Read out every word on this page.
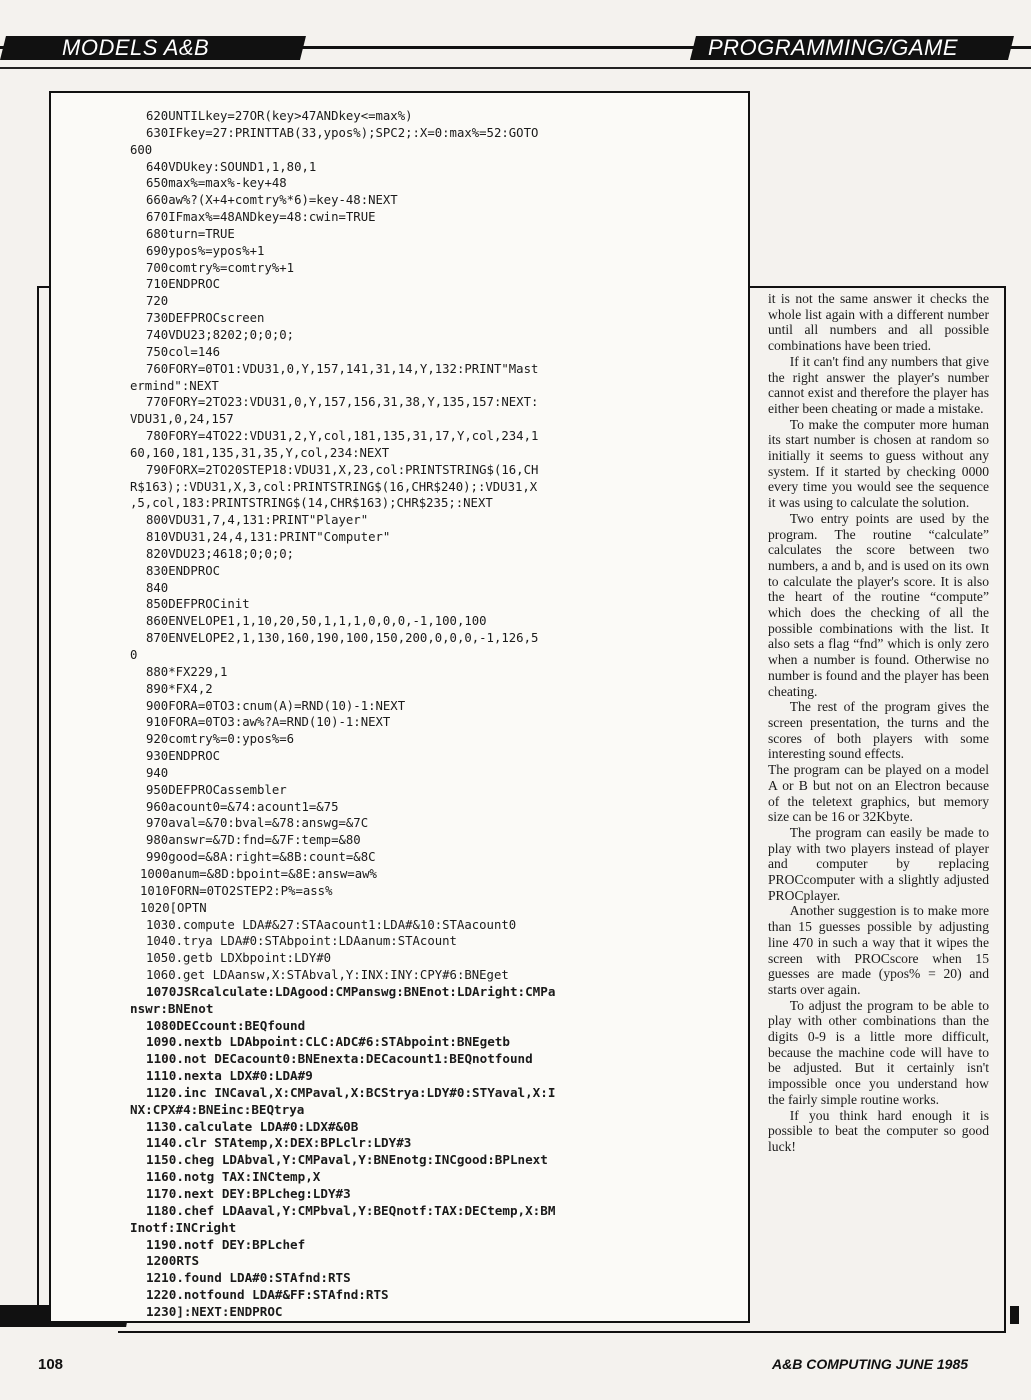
MODELS A&B	PROGRAMMING/GAME
620UNTILkey=27OR(key>47ANDkey<=max%)
630IFkey=27:PRINTTAB(33,ypos%);SPC2;:X=0:max%=52:GOTO
600
640VDUkey:SOUND1,1,80,1
650max%=max%-key+48
660aw%?(X+4+comtry%*6)=key-48:NEXT
670IFmax%=48ANDkey=48:cwin=TRUE
680turn=TRUE
690ypos%=ypos%+1
700comtry%=comtry%+1
710ENDPROC
720
730DEFPROCscreen
740VDU23;8202;0;0;0;
750col=146
760FORY=0TO1:VDU31,0,Y,157,141,31,14,Y,132:PRINT"Mast
ermind":NEXT
770FORY=2TO23:VDU31,0,Y,157,156,31,38,Y,135,157:NEXT:
VDU31,0,24,157
780FORY=4TO22:VDU31,2,Y,col,181,135,31,17,Y,col,234,1
60,160,181,135,31,35,Y,col,234:NEXT
790FORX=2TO20STEP18:VDU31,X,23,col:PRINTSTRING$(16,CH
R$163);:VDU31,X,3,col:PRINTSTRING$(16,CHR$240);:VDU31,X
,5,col,183:PRINTSTRING$(14,CHR$163);CHR$235;:NEXT
800VDU31,7,4,131:PRINT"Player"
810VDU31,24,4,131:PRINT"Computer"
820VDU23;4618;0;0;0;
830ENDPROC
840
850DEFPROCinit
860ENVELOPE1,1,10,20,50,1,1,1,0,0,0,-1,100,100
870ENVELOPE2,1,130,160,190,100,150,200,0,0,0,-1,126,5
0
880*FX229,1
890*FX4,2
900FORA=0TO3:cnum(A)=RND(10)-1:NEXT
910FORA=0TO3:aw%?A=RND(10)-1:NEXT
920comtry%=0:ypos%=6
930ENDPROC
940
950DEFPROCassembler
960acount0=&74:acount1=&75
970aval=&70:bval=&78:answg=&7C
980answr=&7D:fnd=&7F:temp=&80
990good=&8A:right=&8B:count=&8C
1000anum=&8D:bpoint=&8E:answ=aw%
1010FORN=0TO2STEP2:P%=ass%
1020[OPTN
1030.compute LDA#&27:STAacount1:LDA#&10:STAacount0
1040.trya LDA#0:STAbpoint:LDAanum:STAcount
1050.getb LDXbpoint:LDY#0
1060.get LDAansw,X:STAbval,Y:INX:INY:CPY#6:BNEget
1070JSRcalculate:LDAgood:CMPanswg:BNEnot:LDAright:CMPa
nswr:BNEnot
1080DECcount:BEQfound
1090.nextb LDAbpoint:CLC:ADC#6:STAbpoint:BNEgetb
1100.not DECacount0:BNEnexta:DECacount1:BEQnotfound
1110.nexta LDX#0:LDA#9
1120.inc INCaval,X:CMPaval,X:BCStrya:LDY#0:STYaval,X:I
NX:CPX#4:BNEinc:BEQtrya
1130.calculate LDA#0:LDX#&0B
1140.clr STAtemp,X:DEX:BPLclr:LDY#3
1150.cheg LDAbval,Y:CMPaval,Y:BNEnotg:INCgood:BPLnext
1160.notg TAX:INCtemp,X
1170.next DEY:BPLcheg:LDY#3
1180.chef LDAaval,Y:CMPbval,Y:BEQnotf:TAX:DECtemp,X:BM
Inotf:INCright
1190.notf DEY:BPLchef
1200RTS
1210.found LDA#0:STAfnd:RTS
1220.notfound LDA#&FF:STAfnd:RTS
1230]:NEXT:ENDPROC

it is not the same answer it checks the whole list again with a different number until all numbers and all possible combinations have been tried.

If it can't find any numbers that give the right answer the player's number cannot exist and therefore the player has either been cheating or made a mistake.

To make the computer more human its start number is chosen at random so initially it seems to guess without any system. If it started by checking 0000 every time you would see the sequence it was using to calculate the solution.

Two entry points are used by the program. The routine “calculate” calculates the score between two numbers, a and b, and is used on its own to calculate the player's score. It is also the heart of the routine “compute” which does the checking of all the possible combinations with the list. It also sets a flag “fnd” which is only zero when a number is found. Otherwise no number is found and the player has been cheating.

The rest of the program gives the screen presentation, the turns and the scores of both players with some interesting sound effects.

The program can be played on a model A or B but not on an Electron because of the teletext graphics, but memory size can be 16 or 32Kbyte.

The program can easily be made to play with two players instead of player and computer by replacing PROCcomputer with a slightly adjusted PROCplayer.

Another suggestion is to make more than 15 guesses possible by adjusting line 470 in such a way that it wipes the screen with PROCscore when 15 guesses are made (ypos% = 20) and starts over again.

To adjust the program to be able to play with other combinations than the digits 0-9 is a little more difficult, because the machine code will have to be adjusted. But it certainly isn't impossible once you understand how the fairly simple routine works.

If you think hard enough it is possible to beat the computer so good luck!

108	A&B COMPUTING JUNE 1985
